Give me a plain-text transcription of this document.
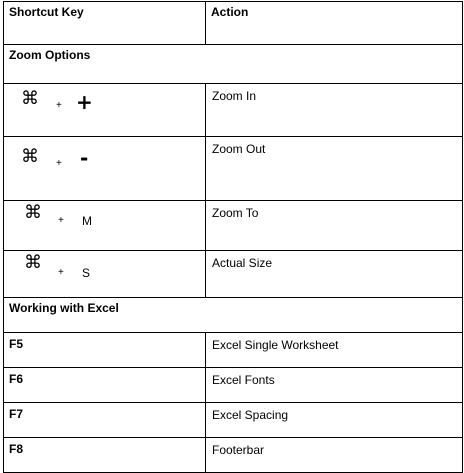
Shortcut Key	Action
Zoom Options	

⌘ + +	Zoom In

⌘ + -	Zoom Out

⌘ + M	Zoom To

⌘ + S	Actual Size
Working with Excel	
F5	Excel Single Worksheet
F6	Excel Fonts
F7	Excel Spacing
F8	Footerbar
